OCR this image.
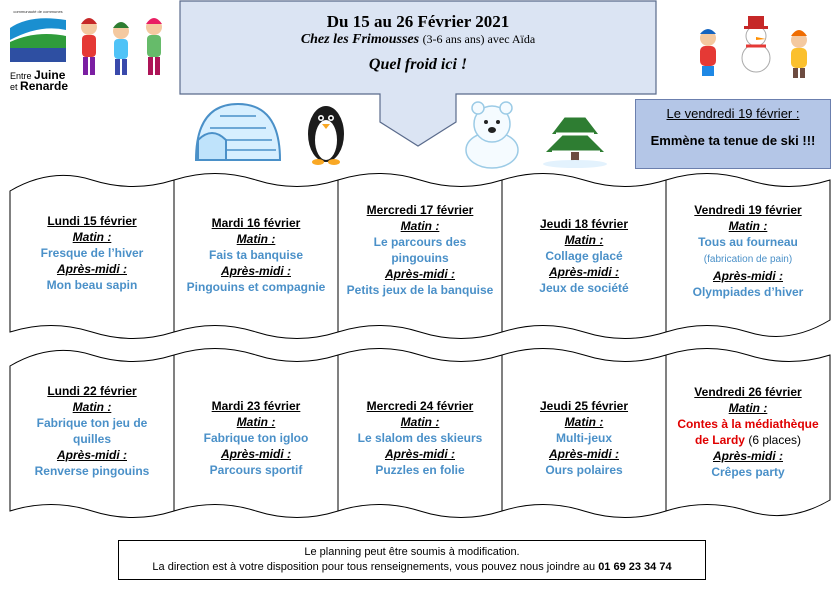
communauté de communes
Entre Juine
et Renarde
Du 15 au 26 Février 2021
Chez les Frimousses (3-6 ans ans) avec Aïda
Quel froid ici !
Le vendredi 19 février :
Emmène ta tenue de ski !!!
Lundi 15 février
Matin :
Fresque de l’hiver
Après-midi :
Mon beau sapin
Mardi 16 février
Matin :
Fais ta banquise
Après-midi :
Pingouins et compagnie
Mercredi 17 février
Matin :
Le parcours des
pingouins
Après-midi :
Petits jeux de la banquise
Jeudi 18 février
Matin :
Collage glacé
Après-midi :
Jeux de société
Vendredi 19 février
Matin :
Tous au fourneau
(fabrication de pain)
Après-midi :
Olympiades d’hiver
Lundi 22 février
Matin :
Fabrique ton jeu de
quilles
Après-midi :
Renverse pingouins
Mardi 23 février
Matin :
Fabrique ton igloo
Après-midi :
Parcours sportif
Mercredi 24 février
Matin :
Le slalom des skieurs
Après-midi :
Puzzles en folie
Jeudi 25 février
Matin :
Multi-jeux
Après-midi :
Ours polaires
Vendredi 26 février
Matin :
Contes à la médiathèque
de Lardy (6 places)
Après-midi :
Crêpes party
Le planning peut être soumis à modification.
La direction est à votre disposition pour tous renseignements, vous pouvez nous joindre au 01 69 23 34 74
